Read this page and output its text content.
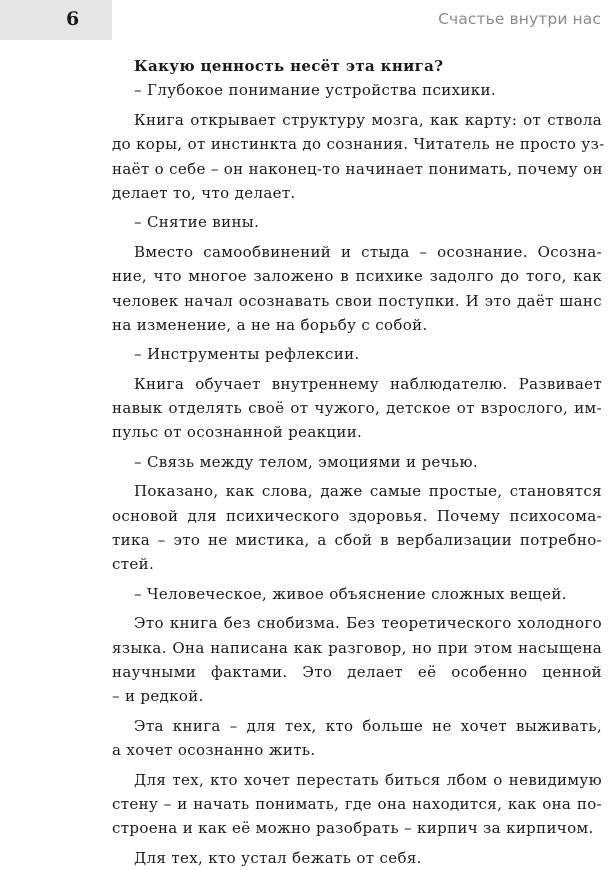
6	Счастье внутри нас
Какую ценность несёт эта книга?
– Глубокое понимание устройства психики.
Книга открывает структуру мозга, как карту: от ствола
до коры, от инстинкта до сознания. Читатель не просто уз-
наёт о себе – он наконец-то начинает понимать, почему он
делает то, что делает.
– Снятие вины.
Вместо самообвинений и стыда – осознание. Осозна-
ние, что многое заложено в психике задолго до того, как
человек начал осознавать свои поступки. И это даёт шанс
на изменение, а не на борьбу с собой.
– Инструменты рефлексии.
Книга обучает внутреннему наблюдателю. Развивает
навык отделять своё от чужого, детское от взрослого, им-
пульс от осознанной реакции.
– Связь между телом, эмоциями и речью.
Показано, как слова, даже самые простые, становятся
основой для психического здоровья. Почему психосома-
тика – это не мистика, а сбой в вербализации потребно-
стей.
– Человеческое, живое объяснение сложных вещей.
Это книга без снобизма. Без теоретического холодного
языка. Она написана как разговор, но при этом насыщена
научными фактами. Это делает её особенно ценной
– и редкой.
Эта книга – для тех, кто больше не хочет выживать,
а хочет осознанно жить.
Для тех, кто хочет перестать биться лбом о невидимую
стену – и начать понимать, где она находится, как она по-
строена и как её можно разобрать – кирпич за кирпичом.
Для тех, кто устал бежать от себя.
